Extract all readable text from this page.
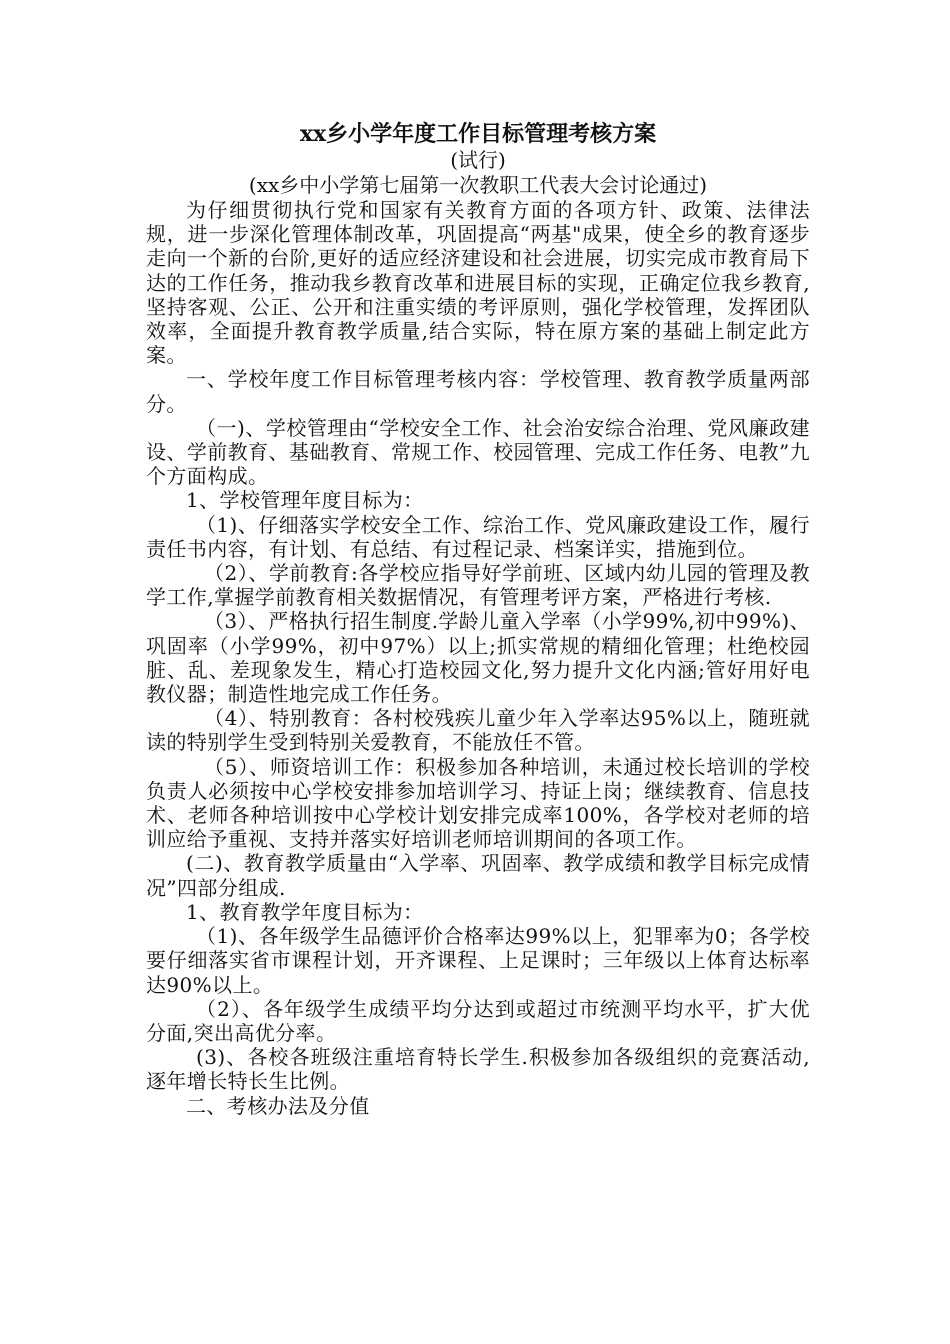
xx乡小学年度工作目标管理考核方案
(试行)
(xx乡中小学第七届第一次教职工代表大会讨论通过)

为仔细贯彻执行党和国家有关教育方面的各项方针、政策、法律法规，进一步深化管理体制改革，巩固提高“两基"成果，使全乡的教育逐步走向一个新的台阶,更好的适应经济建设和社会进展，切实完成市教育局下达的工作任务，推动我乡教育改革和进展目标的实现，正确定位我乡教育,坚持客观、公正、公开和注重实绩的考评原则，强化学校管理，发挥团队效率，全面提升教育教学质量,结合实际，特在原方案的基础上制定此方案。

一、学校年度工作目标管理考核内容：学校管理、教育教学质量两部分。

（一)、学校管理由“学校安全工作、社会治安综合治理、党风廉政建设、学前教育、基础教育、常规工作、校园管理、完成工作任务、电教”九个方面构成。

1、学校管理年度目标为：

（1)、仔细落实学校安全工作、综治工作、党风廉政建设工作，履行责任书内容，有计划、有总结、有过程记录、档案详实，措施到位。

（2）、学前教育:各学校应指导好学前班、区域内幼儿园的管理及教学工作,掌握学前教育相关数据情况，有管理考评方案，严格进行考核.

（3）、严格执行招生制度.学龄儿童入学率（小学99%,初中99%)、巩固率（小学99%，初中97%）以上;抓实常规的精细化管理；杜绝校园脏、乱、差现象发生，精心打造校园文化,努力提升文化内涵;管好用好电教仪器；制造性地完成工作任务。

（4）、特别教育：各村校残疾儿童少年入学率达95%以上，随班就读的特别学生受到特别关爱教育，不能放任不管。

（5）、师资培训工作：积极参加各种培训，未通过校长培训的学校负责人必须按中心学校安排参加培训学习、持证上岗；继续教育、信息技术、老师各种培训按中心学校计划安排完成率100%，各学校对老师的培训应给予重视、支持并落实好培训老师培训期间的各项工作。

(二)、教育教学质量由“入学率、巩固率、教学成绩和教学目标完成情况”四部分组成.

1、教育教学年度目标为：

（1)、各年级学生品德评价合格率达99%以上，犯罪率为0；各学校要仔细落实省市课程计划，开齐课程、上足课时；三年级以上体育达标率达90%以上。

（2）、各年级学生成绩平均分达到或超过市统测平均水平，扩大优分面,突出高优分率。

(3)、各校各班级注重培育特长学生.积极参加各级组织的竞赛活动,逐年增长特长生比例。

二、考核办法及分值
